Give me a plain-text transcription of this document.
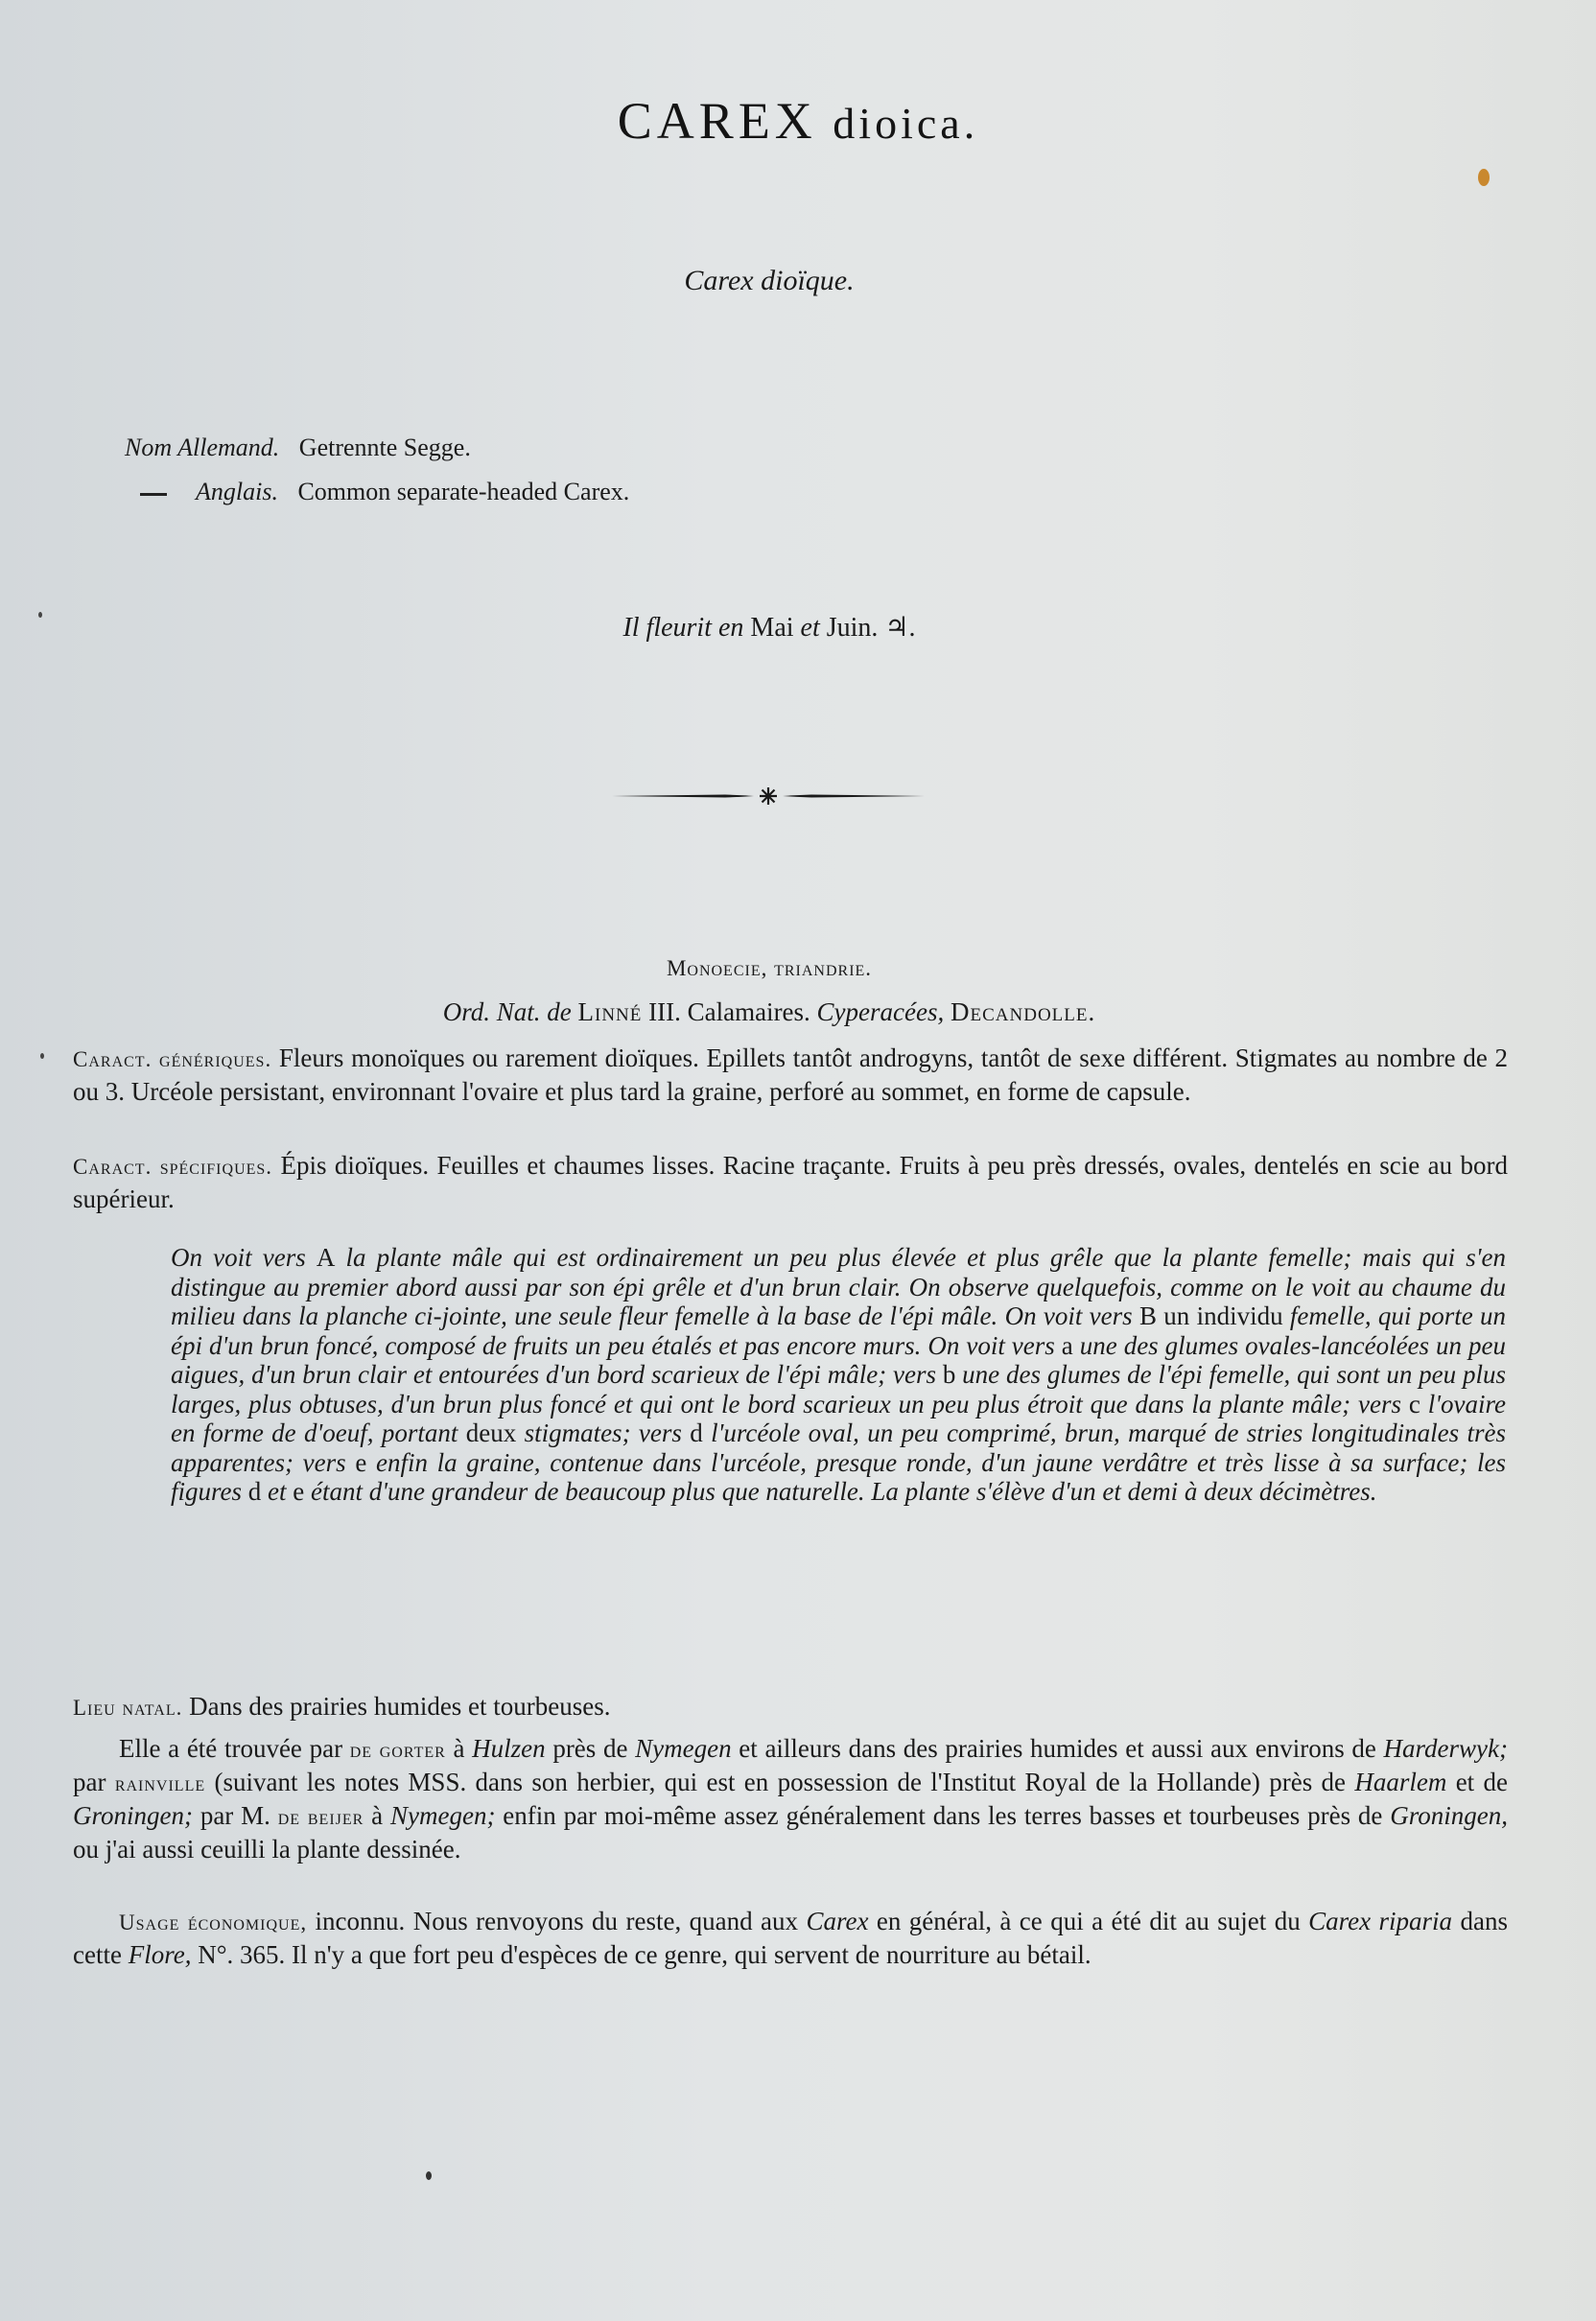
CAREX dioica.
Carex dioïque.
Nom Allemand. Getrennte Segge.
Anglais. Common separate-headed Carex.
Il fleurit en Mai et Juin. ♃.
Monoecie, triandrie.
Ord. Nat. de Linné III. Calamaires. Cyperacées, Decandolle.
Caract. génériques. Fleurs monoïques ou rarement dioïques. Epillets tantôt androgyns, tantôt de sexe différent. Stigmates au nombre de 2 ou 3. Urcéole persistant, environnant l'ovaire et plus tard la graine, perforé au sommet, en forme de capsule.
Caract. spécifiques. Épis dioïques. Feuilles et chaumes lisses. Racine traçante. Fruits à peu près dressés, ovales, dentelés en scie au bord supérieur.
On voit vers A la plante mâle qui est ordinairement un peu plus élevée et plus grêle que la plante femelle; mais qui s'en distingue au premier abord aussi par son épi grêle et d'un brun clair. On observe quelquefois, comme on le voit au chaume du milieu dans la planche ci-jointe, une seule fleur femelle à la base de l'épi mâle. On voit vers B un individu femelle, qui porte un épi d'un brun foncé, composé de fruits un peu étalés et pas encore murs. On voit vers a une des glumes ovales-lancéolées un peu aigues, d'un brun clair et entourées d'un bord scarieux de l'épi mâle; vers b une des glumes de l'épi femelle, qui sont un peu plus larges, plus obtuses, d'un brun plus foncé et qui ont le bord scarieux un peu plus étroit que dans la plante mâle; vers c l'ovaire en forme de d'oeuf, portant deux stigmates; vers d l'urcéole oval, un peu comprimé, brun, marqué de stries longitudinales très apparentes; vers e enfin la graine, contenue dans l'urcéole, presque ronde, d'un jaune verdâtre et très lisse à sa surface; les figures d et e étant d'une grandeur de beaucoup plus que naturelle. La plante s'élève d'un et demi à deux décimètres.
Lieu natal. Dans des prairies humides et tourbeuses.
Elle a été trouvée par de gorter à Hulzen près de Nymegen et ailleurs dans des prairies humides et aussi aux environs de Harderwyk; par rainville (suivant les notes MSS. dans son herbier, qui est en possession de l'Institut Royal de la Hollande) près de Haarlem et de Groningen; par M. de beijer à Nymegen; enfin par moi-même assez généralement dans les terres basses et tourbeuses près de Groningen, ou j'ai aussi ceuilli la plante dessinée.
Usage économique, inconnu. Nous renvoyons du reste, quand aux Carex en général, à ce qui a été dit au sujet du Carex riparia dans cette Flore, N°. 365. Il n'y a que fort peu d'espèces de ce genre, qui servent de nourriture au bétail.
